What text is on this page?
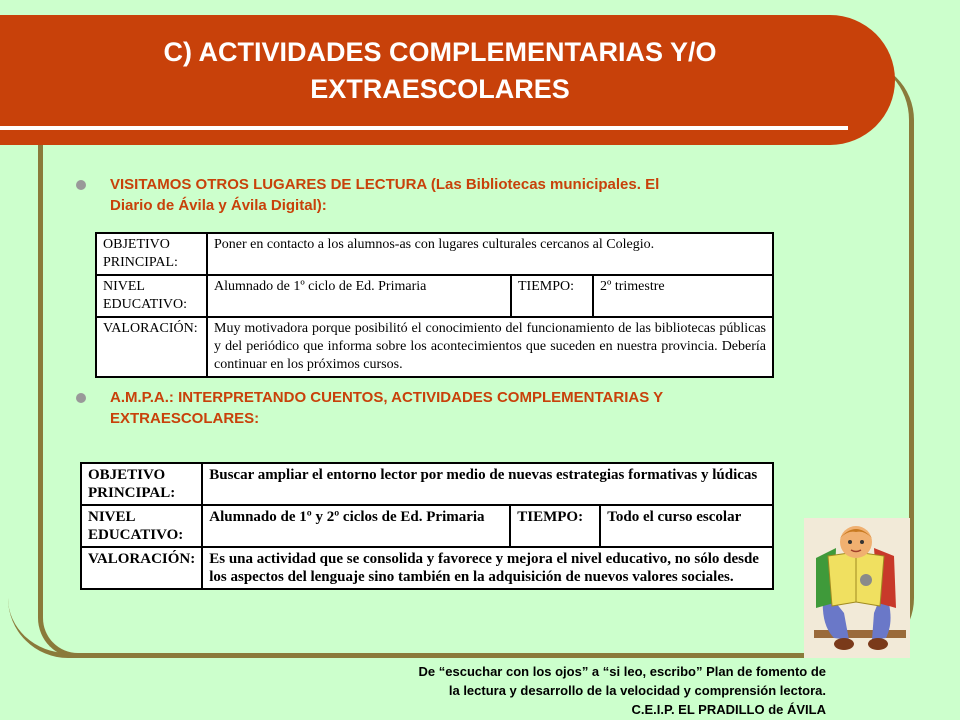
C) ACTIVIDADES COMPLEMENTARIAS Y/O
EXTRAESCOLARES
VISITAMOS OTROS LUGARES DE LECTURA (Las Bibliotecas municipales. El
Diario de Ávila y Ávila Digital):
OBJETIVO
PRINCIPAL:	Poner en contacto a los alumnos-as con lugares culturales cercanos al Colegio.		

NIVEL
EDUCATIVO:	Alumnado de 1º ciclo de Ed. Primaria	TIEMPO:	2º trimestre
VALORACIÓN:	Muy motivadora porque posibilitó el conocimiento del funcionamiento de las bibliotecas públicas y del periódico que informa sobre los acontecimientos que suceden en nuestra provincia. Debería continuar en los próximos cursos.		
A.M.P.A.: INTERPRETANDO CUENTOS, ACTIVIDADES COMPLEMENTARIAS Y
EXTRAESCOLARES:
OBJETIVO
PRINCIPAL:	Buscar ampliar el entorno lector por medio de nuevas estrategias formativas y lúdicas		

NIVEL
EDUCATIVO:	Alumnado de 1º y 2º ciclos de Ed. Primaria	TIEMPO:	Todo el curso escolar
VALORACIÓN:	Es una actividad que se consolida y favorece y mejora el nivel educativo, no sólo desde los aspectos del lenguaje sino también en la adquisición de nuevos valores sociales.		
De “escuchar con los ojos” a “si leo, escribo” Plan de fomento de
la lectura y desarrollo de la velocidad y comprensión lectora.
C.E.I.P. EL PRADILLO de ÁVILA
